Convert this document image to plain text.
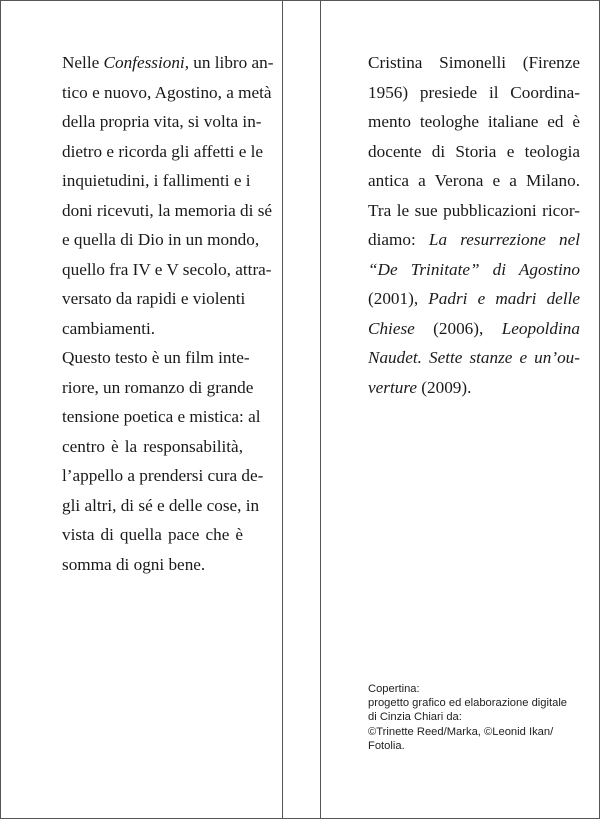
Nelle Confessioni, un libro an-
tico e nuovo, Agostino, a metà
della propria vita, si volta in-
dietro e ricorda gli affetti e le
inquietudini, i fallimenti e i
doni ricevuti, la memoria di sé
e quella di Dio in un mondo,
quello fra IV e V secolo, attra-
versato da rapidi e violenti
cambiamenti.

Questo testo è un film inte-
riore, un romanzo di grande
tensione poetica e mistica: al
centro è la responsabilità,
l’appello a prendersi cura de-
gli altri, di sé e delle cose, in
vista di quella pace che è
somma di ogni bene.

Cristina Simonelli (Firenze
1956) presiede il Coordina-
mento teologhe italiane ed è
docente di Storia e teologia
antica a Verona e a Milano.
Tra le sue pubblicazioni ricor-
diamo: La resurrezione nel
“De Trinitate” di Agostino
(2001), Padri e madri delle
Chiese (2006), Leopoldina
Naudet. Sette stanze e un’ou-
verture (2009).

Copertina:
progetto grafico ed elaborazione digitale
di Cinzia Chiari da:
©Trinette Reed/Marka, ©Leonid Ikan/
Fotolia.
